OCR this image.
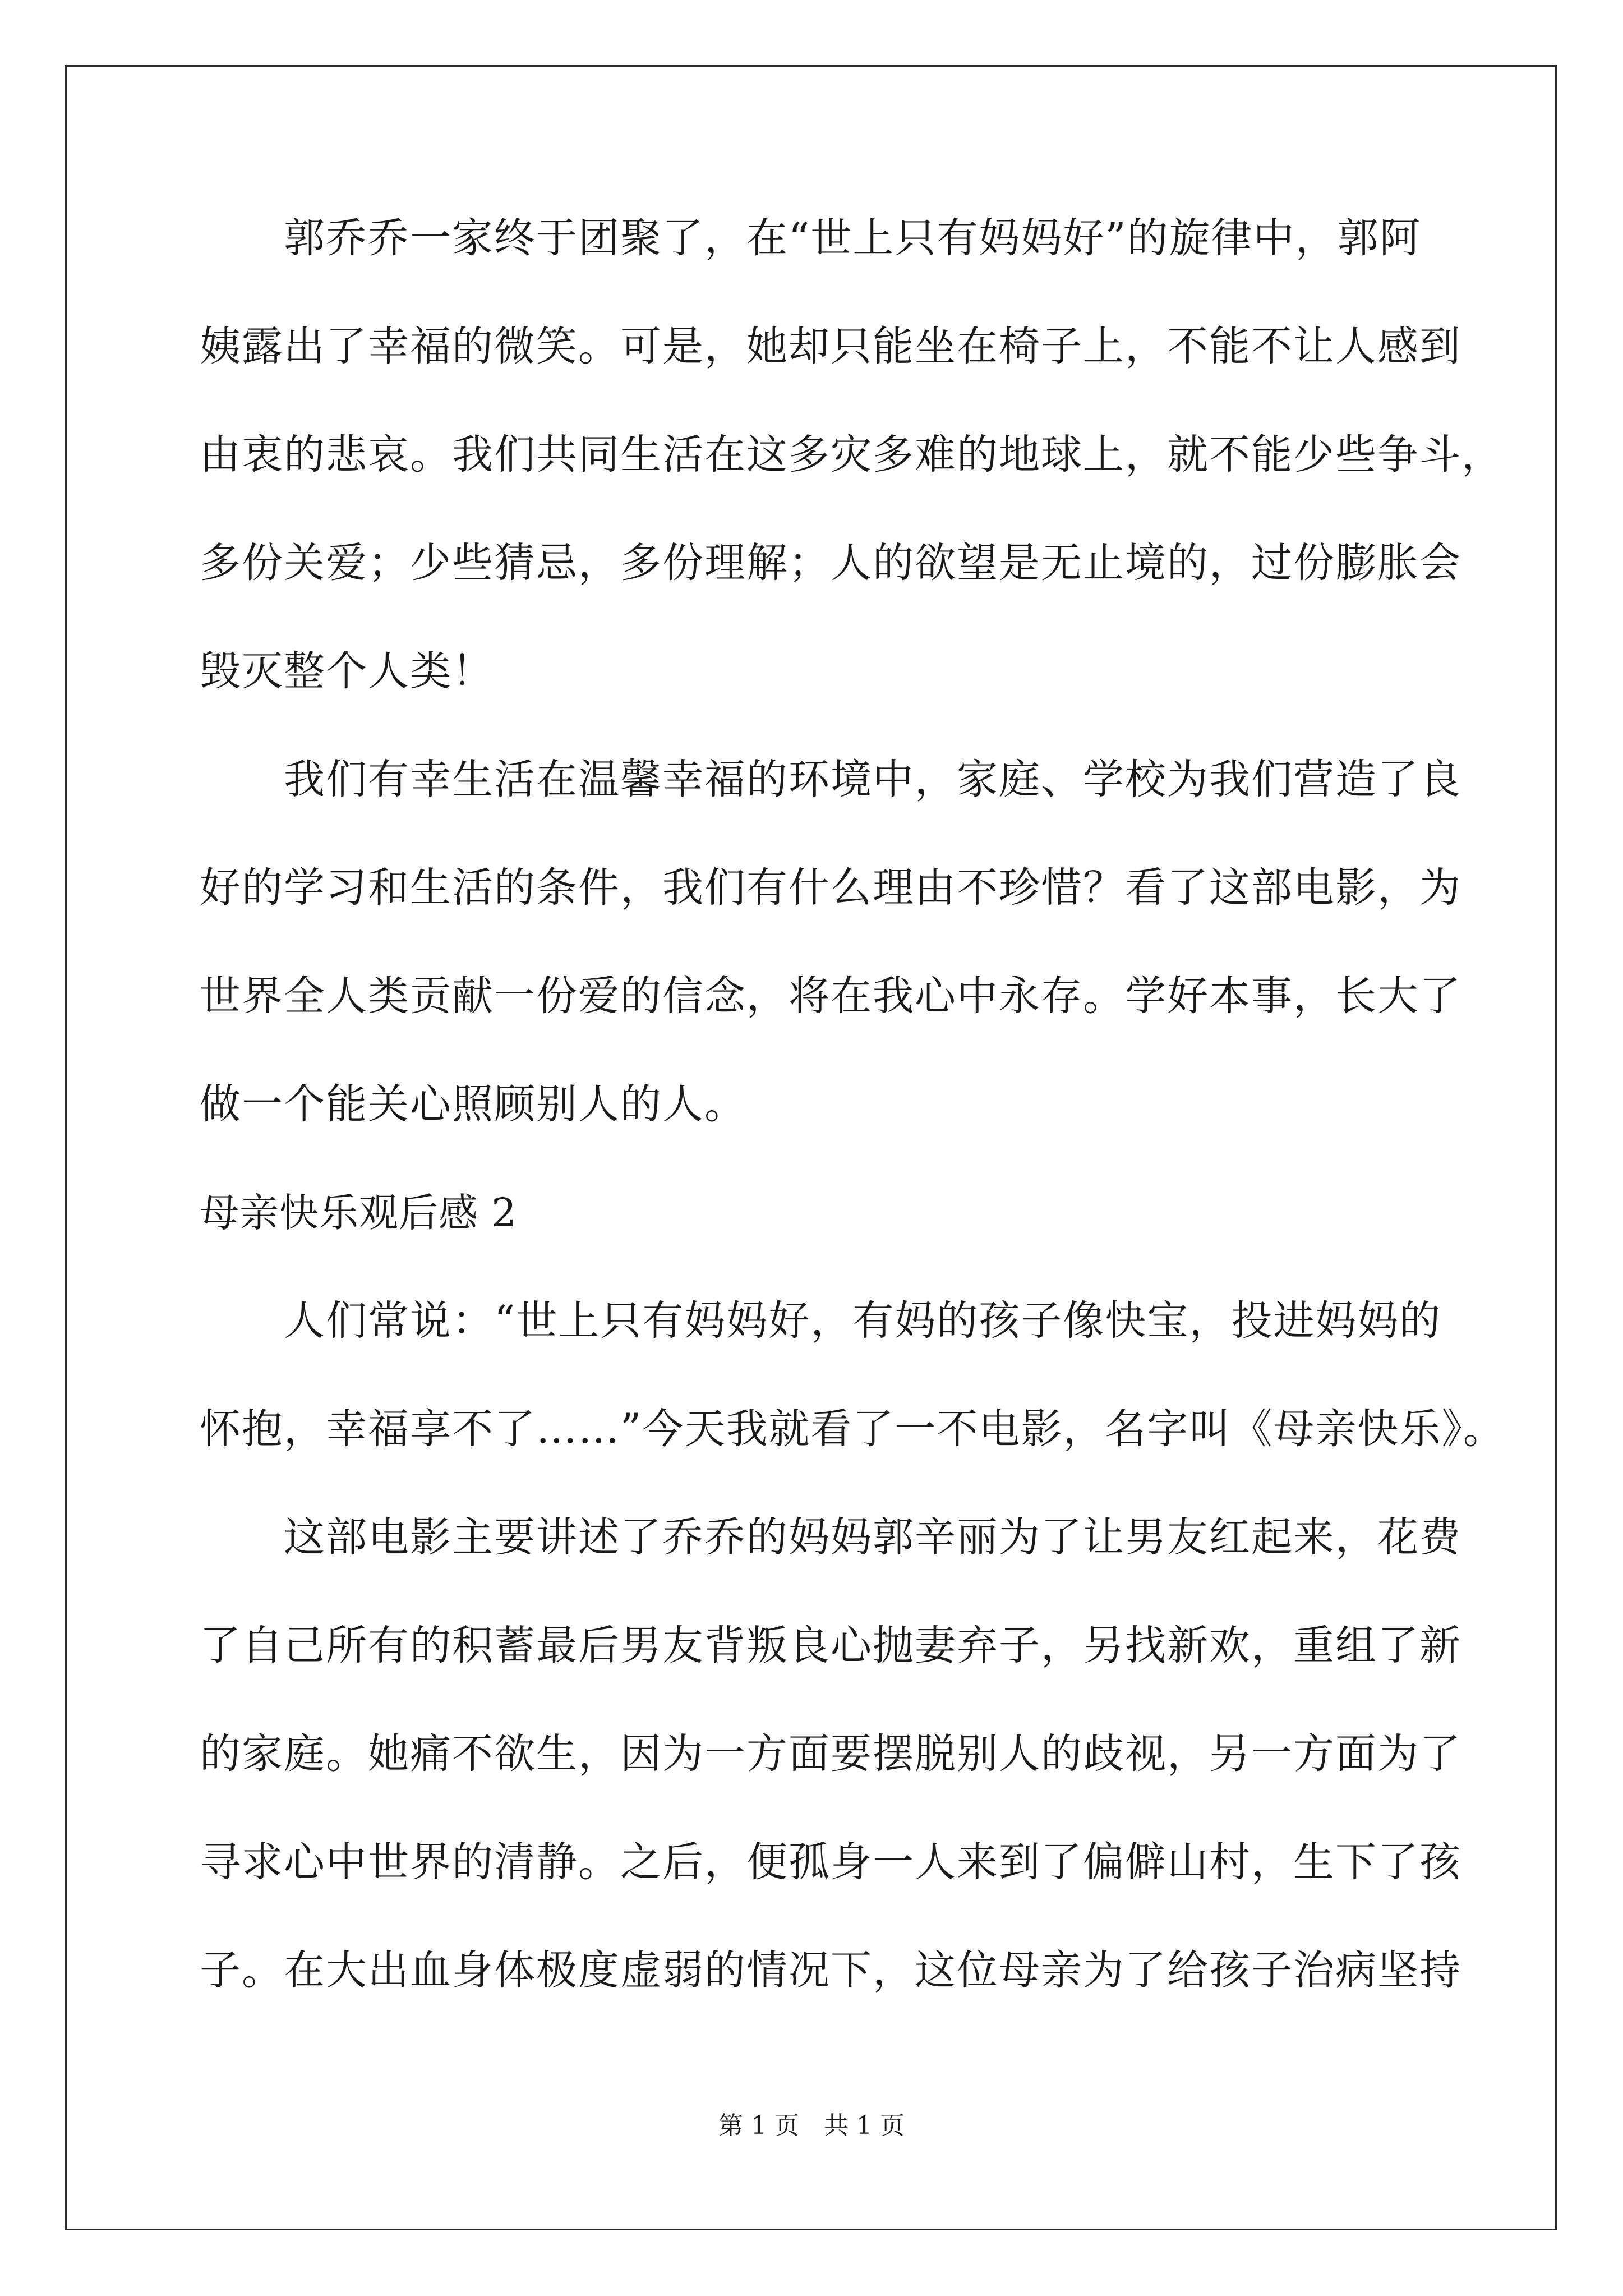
　　郭乔乔一家终于团聚了，在“世上只有妈妈好”的旋律中，郭阿
姨露出了幸福的微笑。可是，她却只能坐在椅子上，不能不让人感到
由衷的悲哀。我们共同生活在这多灾多难的地球上，就不能少些争斗，
多份关爱；少些猜忌，多份理解；人的欲望是无止境的，过份膨胀会
毁灭整个人类！
　　我们有幸生活在温馨幸福的环境中，家庭、学校为我们营造了良
好的学习和生活的条件，我们有什么理由不珍惜？看了这部电影，为
世界全人类贡献一份爱的信念，将在我心中永存。学好本事，长大了
做一个能关心照顾别人的人。
母亲快乐观后感 2
　　人们常说：“世上只有妈妈好，有妈的孩子像快宝，投进妈妈的
怀抱，幸福享不了……”今天我就看了一不电影，名字叫《母亲快乐》。
　　这部电影主要讲述了乔乔的妈妈郭辛丽为了让男友红起来，花费
了自己所有的积蓄最后男友背叛良心抛妻弃子，另找新欢，重组了新
的家庭。她痛不欲生，因为一方面要摆脱别人的歧视，另一方面为了
寻求心中世界的清静。之后，便孤身一人来到了偏僻山村，生下了孩
子。在大出血身体极度虚弱的情况下，这位母亲为了给孩子治病坚持
第 1 页　共 1 页
